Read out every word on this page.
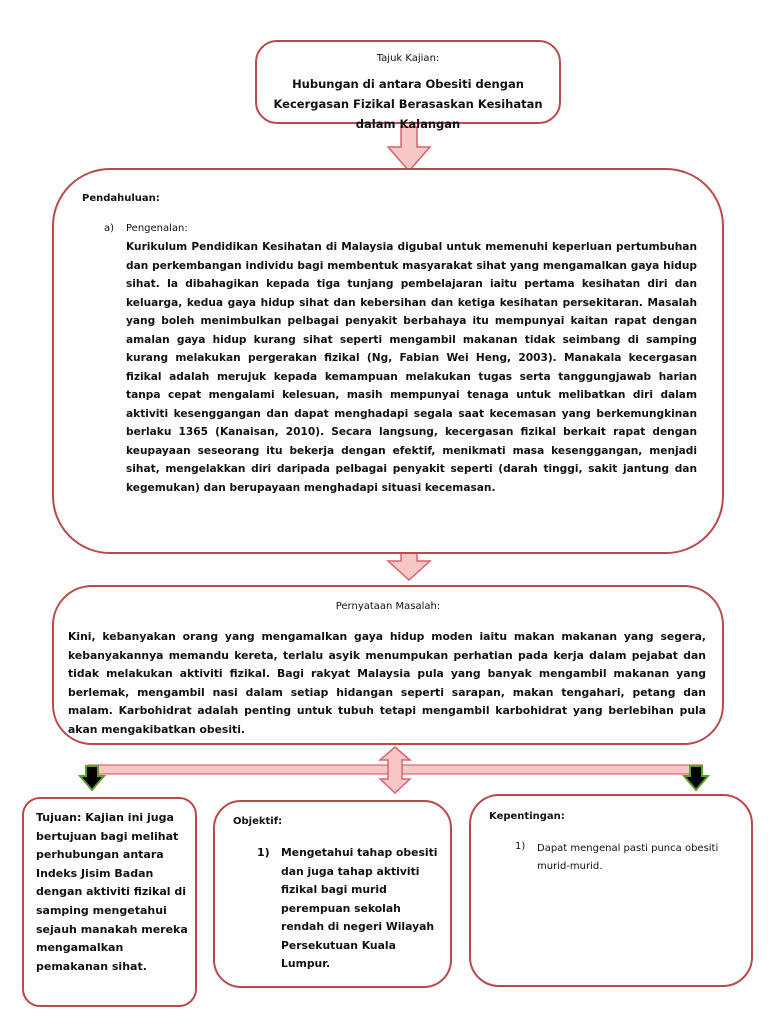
Tajuk Kajian:
Hubungan di antara Obesiti dengan Kecergasan Fizikal Berasaskan Kesihatan dalam Kalangan
Pendahuluan:
a) Pengenalan:
Kurikulum Pendidikan Kesihatan di Malaysia digubal untuk memenuhi keperluan pertumbuhan dan perkembangan individu bagi membentuk masyarakat sihat yang mengamalkan gaya hidup sihat. Ia dibahagikan kepada tiga tunjang pembelajaran iaitu pertama kesihatan diri dan keluarga, kedua gaya hidup sihat dan kebersihan dan ketiga kesihatan persekitaran. Masalah yang boleh menimbulkan pelbagai penyakit berbahaya itu mempunyai kaitan rapat dengan amalan gaya hidup kurang sihat seperti mengambil makanan tidak seimbang di samping kurang melakukan pergerakan fizikal (Ng, Fabian Wei Heng, 2003). Manakala kecergasan fizikal adalah merujuk kepada kemampuan melakukan tugas serta tanggungjawab harian tanpa cepat mengalami kelesuan, masih mempunyai tenaga untuk melibatkan diri dalam aktiviti kesenggangan dan dapat menghadapi segala saat kecemasan yang berkemungkinan berlaku 1365 (Kanaisan, 2010). Secara langsung, kecergasan fizikal berkait rapat dengan keupayaan seseorang itu bekerja dengan efektif, menikmati masa kesenggangan, menjadi sihat, mengelakkan diri daripada pelbagai penyakit seperti (darah tinggi, sakit jantung dan kegemukan) dan berupayaan menghadapi situasi kecemasan.
Pernyataan Masalah:
Kini, kebanyakan orang yang mengamalkan gaya hidup moden iaitu makan makanan yang segera, kebanyakannya memandu kereta, terlalu asyik menumpukan perhatian pada kerja dalam pejabat dan tidak melakukan aktiviti fizikal. Bagi rakyat Malaysia pula yang banyak mengambil makanan yang berlemak, mengambil nasi dalam setiap hidangan seperti sarapan, makan tengahari, petang dan malam. Karbohidrat adalah penting untuk tubuh tetapi mengambil karbohidrat yang berlebihan pula akan mengakibatkan obesiti.
Tujuan: Kajian ini juga bertujuan bagi melihat perhubungan antara Indeks Jisim Badan dengan aktiviti fizikal di samping mengetahui sejauh manakah mereka mengamalkan pemakanan sihat.
Objektif:
1) Mengetahui tahap obesiti dan juga tahap aktiviti fizikal bagi murid perempuan sekolah rendah di negeri Wilayah Persekutuan Kuala Lumpur.
Kepentingan:
1) Dapat mengenal pasti punca obesiti murid-murid.
